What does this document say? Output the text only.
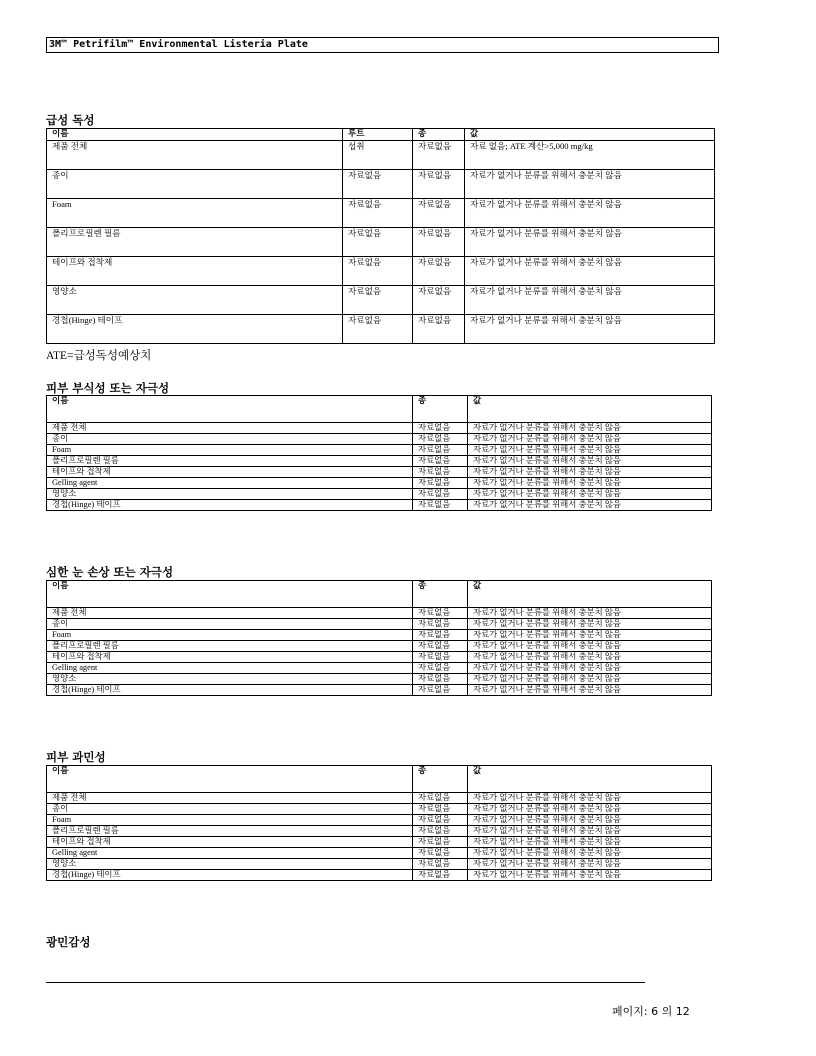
3M™ Petrifilm™ Environmental Listeria Plate
급성 독성
이름	루트	종	값
제품 전체	섭취	자료없음	자료 없음; ATE 계산>5,000 mg/kg
종이	자료없음	자료없음	자료가 없거나 분류를 위해서 충분치 않음
Foam	자료없음	자료없음	자료가 없거나 분류를 위해서 충분치 않음
폴리프로필렌 필름	자료없음	자료없음	자료가 없거나 분류를 위해서 충분치 않음
테이프와 접착제	자료없음	자료없음	자료가 없거나 분류를 위해서 충분치 않음
영양소	자료없음	자료없음	자료가 없거나 분류를 위해서 충분치 않음
경첩(Hinge) 테이프	자료없음	자료없음	자료가 없거나 분류를 위해서 충분치 않음
ATE=급성독성예상치
피부 부식성 또는 자극성
이름	종	값
제품 전체	자료없음	자료가 없거나 분류를 위해서 충분치 않음
종이	자료없음	자료가 없거나 분류를 위해서 충분치 않음
Foam	자료없음	자료가 없거나 분류를 위해서 충분치 않음
폴리프로필렌 필름	자료없음	자료가 없거나 분류를 위해서 충분치 않음
테이프와 접착제	자료없음	자료가 없거나 분류를 위해서 충분치 않음
Gelling agent	자료없음	자료가 없거나 분류를 위해서 충분치 않음
영양소	자료없음	자료가 없거나 분류를 위해서 충분치 않음
경첩(Hinge) 테이프	자료없음	자료가 없거나 분류를 위해서 충분치 않음
심한 눈 손상 또는 자극성
이름	종	값
제품 전체	자료없음	자료가 없거나 분류를 위해서 충분치 않음
종이	자료없음	자료가 없거나 분류를 위해서 충분치 않음
Foam	자료없음	자료가 없거나 분류를 위해서 충분치 않음
폴리프로필렌 필름	자료없음	자료가 없거나 분류를 위해서 충분치 않음
테이프와 접착제	자료없음	자료가 없거나 분류를 위해서 충분치 않음
Gelling agent	자료없음	자료가 없거나 분류를 위해서 충분치 않음
영양소	자료없음	자료가 없거나 분류를 위해서 충분치 않음
경첩(Hinge) 테이프	자료없음	자료가 없거나 분류를 위해서 충분치 않음
피부 과민성
이름	종	값
제품 전체	자료없음	자료가 없거나 분류를 위해서 충분치 않음
종이	자료없음	자료가 없거나 분류를 위해서 충분치 않음
Foam	자료없음	자료가 없거나 분류를 위해서 충분치 않음
폴리프로필렌 필름	자료없음	자료가 없거나 분류를 위해서 충분치 않음
테이프와 접착제	자료없음	자료가 없거나 분류를 위해서 충분치 않음
Gelling agent	자료없음	자료가 없거나 분류를 위해서 충분치 않음
영양소	자료없음	자료가 없거나 분류를 위해서 충분치 않음
경첩(Hinge) 테이프	자료없음	자료가 없거나 분류를 위해서 충분치 않음
광민감성
페이지: 6 의 12
